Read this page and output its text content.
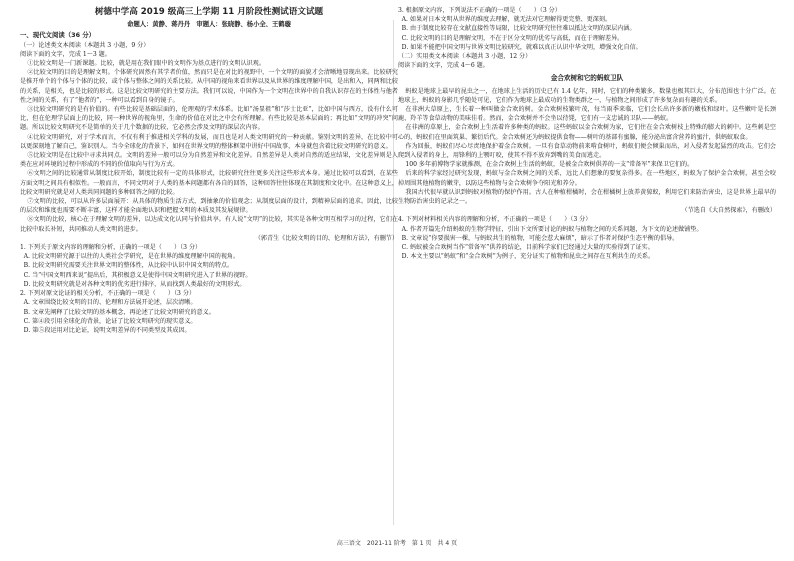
树德中学高 2019 级高三上学期 11 月阶段性测试语文试题
命题人：黄静、蒋丹丹　审题人：张晓静、杨小全、王鹤璇
一、现代文阅读（36 分）
（一）论述类文本阅读（本题共 3 小题，9 分）
阅读下面的文字，完成 1～3 题。

①比较文明是一门新课题。比较，就是用在我们眼中的文明作为基点进行的文明认识观。

②比较文明的目的是理解文明。个体研究固然有其学者价值，然而只是在对比的视野中，一个文明的面貌才会清晰地显现出来。比较研究是推开单个的个体与个体的比较，或个体与整体之间的关系比较。从中国的视角来看世界以及从世界的维度理解中国，是出和入，同两和比较的关系，是相关，也是比较的形式。这是比较文明研究的主要方法。我们可以说，中国作为一个文明在世界中的自我认识存在的主体性与他者性之间的关系，有了“他者的”，一种可以看到自身的镜子。

③比较文明研究的是有价值的。有些比较是基础层面的，伦理观的学术体系。比如“汤显祖”和“莎士比亚”，比如中国与西方，没有什么可比，但在伦理学层面上的比较，同一种世界的视角里，生命的价值在对比之中会有所理解。有些比较是基本层面的；再比如“文明的冲突”问题。所以比较文明研究不是简单的关于几个数据的比较，它必然会涉及文明的深层次内容。

④比较文明研究，对于学术而言，不仅有利于推进相关学科的发展，而且也是对人类文明研究的一种贡献。鉴别文明的差异，在比较中可以更深刻地了解自己，鉴识别人。当今全球化的背景下，如何在世界文明的整体框架中讲好中国故事，本身就包含着比较文明研究的意义。

⑤比较文明是在比较中寻求共同点。文明的差异一般可以分为自然差异和文化差异。自然差异是人类对自然的适应结果，文化差异则是人类在应对环境的过程中形成的不同的价值取向与行为方式。

⑥文明之间的比较通常从制度比较开始，制度比较有一定的具体形式，比较研究往往更多关注这些形式本身。通过比较可以看到，在某些方面文明之间具有相似性。一般而言，不同文明对于人类的基本问题都有各自的回答，这种回答往往体现在其制度和文化中。在这种意义上，比较文明研究就是对人类共同问题的多种回答之间的比较。

⑦文明的比较，可以从许多层面展开：从具体的物质生活方式，到抽象的价值观念；从制度层面的设计，到精神层面的追求。因此，比较的层次和维度也需要不断丰富，这样才能全面地认识和把握文明的本质及其发展规律。

⑧文明的比较，核心在于理解文明的差异，以达成文化认同与价值共享。有人说“文明”的比较，其实是各种文明互相学习的过程，它们在比较中取长补短，共同推动人类文明的进步。

（郭青生《比较文明的目的、伦理和方法》，有删节）

1. 下列关于原文内容的理解和分析，正确的一项是（　　）（3 分）

A. 比较文明研究源于以往的人类社会学研究，是在世界的维度理解中国的视角。

B. 比较文明研究需要关注世界文明的整体性，从比较中认识中国文明的特点。

C. 当“中国文明西来说”提出后，其积极意义是使得中国文明研究进入了世界的视野。

D. 比较文明研究就是对各种文明的优劣进行排序，从而找到人类最好的文明形式。

2. 下列对原文论证的相关分析，不正确的一项是（　　）（3 分）

A. 文章围绕比较文明的目的、伦理和方法展开论述，层次清晰。

B. 文章先阐释了比较文明的基本概念，再论述了比较文明研究的意义。

C. 第④段引用全球化的背景，论证了比较文明研究的现实意义。

D. 第⑤段运用对比论证，说明文明差异的不同类型及其成因。

3. 根据原文内容，下列说法不正确的一项是（　　）（3 分）

A. 如果对日本文明从世界的维度去理解，就无法对它理解得更完整、更深刻。

B. 由于制度比较存在文献直接性等局限，比较文明研究往往难以抵达文明的深层内涵。

C. 比较文明的目的是理解文明，不在于区分文明的优劣与高低，而在于理解差异。

D. 如果不能把中国文明与世界文明比较研究，就难以真正认识中华文明，增强文化自信。

（二）实用类文本阅读（本题共 3 小题，12 分）
阅读下面的文字，完成 4～6 题。
金合欢树和它的蚂蚁卫队

蚂蚁是地球上最早的昆虫之一，在地球上生活的历史已有 1.4 亿年，同时，它们的种类繁多，数量也极其巨大，分布范围也十分广泛。在地球上，蚂蚁的身影几乎随处可见，它们作为地球上最成功的生物类群之一，与植物之间形成了许多复杂而有趣的关系。

在非洲大草原上，生长着一种叫做金合欢的树。金合欢树枝繁叶茂，每当雨季来临，它们会长出许多新的嫩枝和绿叶。这些嫩叶是长颈鹿、羚羊等食草动物的美味佳肴。然而，金合欢树并不会坐以待毙，它们有一支忠诚的卫队——蚂蚁。

在非洲的草原上，金合欢树上生活着许多种类的蚂蚁。这些蚂蚁以金合欢树为家，它们住在金合欢树枝上特殊的膨大的刺中。这些刺是空心的，蚂蚁们在里面筑巢、繁衍后代。金合欢树还为蚂蚁提供食物——树叶的基部有蜜腺，能分泌出富含营养的蜜汁，供蚂蚁取食。

作为回报，蚂蚁们尽心尽责地保护着金合欢树。一旦有食草动物前来啃食树叶，蚂蚁们便会倾巢而出，对入侵者发起猛烈的攻击。它们会爬到入侵者的身上，用锋利的上颚叮咬，使其不得不放弃到嘴的美食而逃走。

100 多年前博物学家就推测，在金合欢树上生活的蚂蚁，是被金合欢树供养的一支“常备军”来保卫它们的。

后来的科学家经过研究发现，蚂蚁与金合欢树之间的关系，远比人们想象的要复杂得多。在一些地区，蚂蚁为了保护金合欢树，甚至会咬掉周围其他植物的嫩芽，以防这些植物与金合欢树争夺阳光和养分。

我国古代很早就认识到蚂蚁对植物的保护作用。古人在种植柑橘时，会在柑橘树上放养黄猄蚁，利用它们来防治害虫，这是世界上最早的生物防治害虫的记录之一。

（节选自《大自然探索》，有删改）

4. 下列对材料相关内容的理解和分析，不正确的一项是（　　）（3 分）

A. 作者开篇先介绍蚂蚁的生物学特征，引出下文所要讨论的蚂蚁与植物之间的关系问题，为下文的论述做铺垫。

B. 文章说“你要损害一棵，与蚂蚁共生的植物，可能会惹大麻烦”，暗示了作者对保护生态平衡的倡导。

C. 蚂蚁被金合欢树当作“常备军”供养的结论，目前科学家们已经通过大量的实验得到了证实。

D. 本文主要以“蚂蚁”和“金合欢树”为例子，充分证实了植物和昆虫之间存在互利共生的关系。

高三语文　2021-11 阶考　第 1 页　共 4 页
